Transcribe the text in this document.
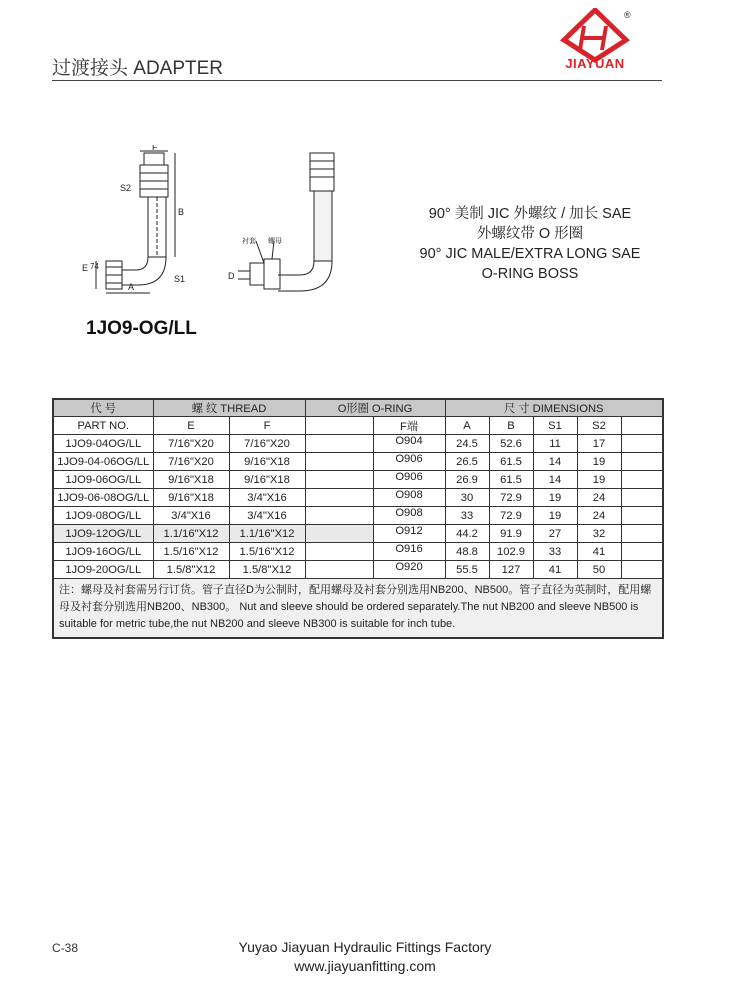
过渡接头 ADAPTER
®
JIAYUAN
F
S2
B
E 74
A
S1
衬套 螺母
D
90° 美制 JIC 外螺纹 / 加长 SAE
外螺纹带 O 形圈
90° JIC MALE/EXTRA LONG SAE
O-RING BOSS
1JO9-OG/LL
代 号	螺 纹 THREAD		O形圈 O-RING		尺 寸 DIMENSIONS				
PART NO.	E	F		F端	A	B	S1	S2	
1JO9-04OG/LL	7/16"X20	7/16"X20		O904	24.5	52.6	11	17	
1JO9-04-06OG/LL	7/16"X20	9/16"X18		O906	26.5	61.5	14	19	
1JO9-06OG/LL	9/16"X18	9/16"X18		O906	26.9	61.5	14	19	
1JO9-06-08OG/LL	9/16"X18	3/4"X16		O908	30	72.9	19	24	
1JO9-08OG/LL	3/4"X16	3/4"X16		O908	33	72.9	19	24	
1JO9-12OG/LL	1.1/16"X12	1.1/16"X12		O912	44.2	91.9	27	32	
1JO9-16OG/LL	1.5/16"X12	1.5/16"X12		O916	48.8	102.9	33	41	
1JO9-20OG/LL	1.5/8"X12	1.5/8"X12		O920	55.5	127	41	50	
注：螺母及衬套需另行订货。管子直径D为公制时，配用螺母及衬套分别选用NB200、NB500。管子直径为英制时，配用螺母及衬套分别选用NB200、NB300。 Nut and sleeve should be ordered separately.The nut NB200 and sleeve NB500 is suitable for metric tube,the nut NB200 and sleeve NB300 is suitable for inch tube.									
C-38	Yuyao Jiayuan Hydraulic Fittings Factory
www.jiayuanfitting.com
